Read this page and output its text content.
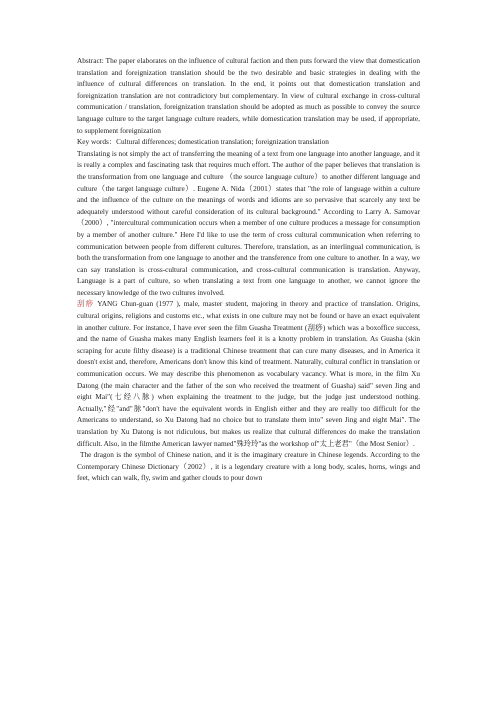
Abstract: The paper elaborates on the influence of cultural faction and then puts forward the view that domestication translation and foreignization translation should be the two desirable and basic strategies in dealing with the influence of cultural differences on translation. In the end, it points out that domestication translation and foreignization translation are not contradictory but complementary. In view of cultural exchange in cross-cultural communication / translation, foreignization translation should be adopted as much as possible to convey the source language culture to the target language culture readers, while domestication translation may be used, if appropriate, to supplement foreignization

Key words：Cultural differences; domestication translation; foreignization translation

Translating is not simply the act of transferring the meaning of a text from one language into another language, and it is really a complex and fascinating task that requires much effort. The author of the paper believes that translation is the transformation from one language and culture （the source language culture）to another different language and culture（the target language culture）. Eugene A. Nida（2001）states that "the role of language within a culture and the influence of the culture on the meanings of words and idioms are so pervasive that scarcely any text be adequately understood without careful consideration of its cultural background." According to Larry A. Samovar（2000）, "intercultural communication occurs when a member of one culture produces a message for consumption by a member of another culture." Here I'd like to use the term of cross cultural communication when referring to communication between people from different cultures. Therefore, translation, as an interlingual communication, is both the transformation from one language to another and the transference from one culture to another. In a way, we can say translation is cross-cultural communication, and cross-cultural communication is translation. Anyway, Language is a part of culture, so when translating a text from one language to another, we cannot ignore the necessary knowledge of the two cultures involved.

刮痧 YANG Chun-guan (1977 ), male, master student, majoring in theory and practice of translation. Origins, cultural origins, religions and customs etc., what exists in one culture may not be found or have an exact equivalent in another culture. For instance, I have ever seen the film Guasha Treatment (刮痧) which was a boxoffice success, and the name of Guasha makes many English learners feel it is a knotty problem in translation. As Guasha (skin scraping for acute filthy disease) is a traditional Chinese treatment that can cure many diseases, and in America it doesn't exist and, therefore, Americans don't know this kind of treatment. Naturally, cultural conflict in translation or communication occurs. We may describe this phenomenon as vocabulary vacancy. What is more, in the film Xu Datong (the main character and the father of the son who received the treatment of Guasha) said" seven Jing and eight Mai"(七经八脉) when explaining the treatment to the judge, but the judge just understood nothing. Actually,"经"and"脉"don't have the equivalent words in English either and they are really too difficult for the Americans to understand, so Xu Datong had no choice but to translate them into" seven Jing and eight Mai". The translation by Xu Datong is not ridiculous, but makes us realize that cultural differences do make the translation difficult. Also, in the filmthe American lawyer named"殊玲玲"as the workshop of"太上老君"（the Most Senior）.

The dragon is the symbol of Chinese nation, and it is the imaginary creature in Chinese legends. According to the Contemporary Chinese Dictionary（2002）, it is a legendary creature with a long body, scales, horns, wings and feet, which can walk, fly, swim and gather clouds to pour down
